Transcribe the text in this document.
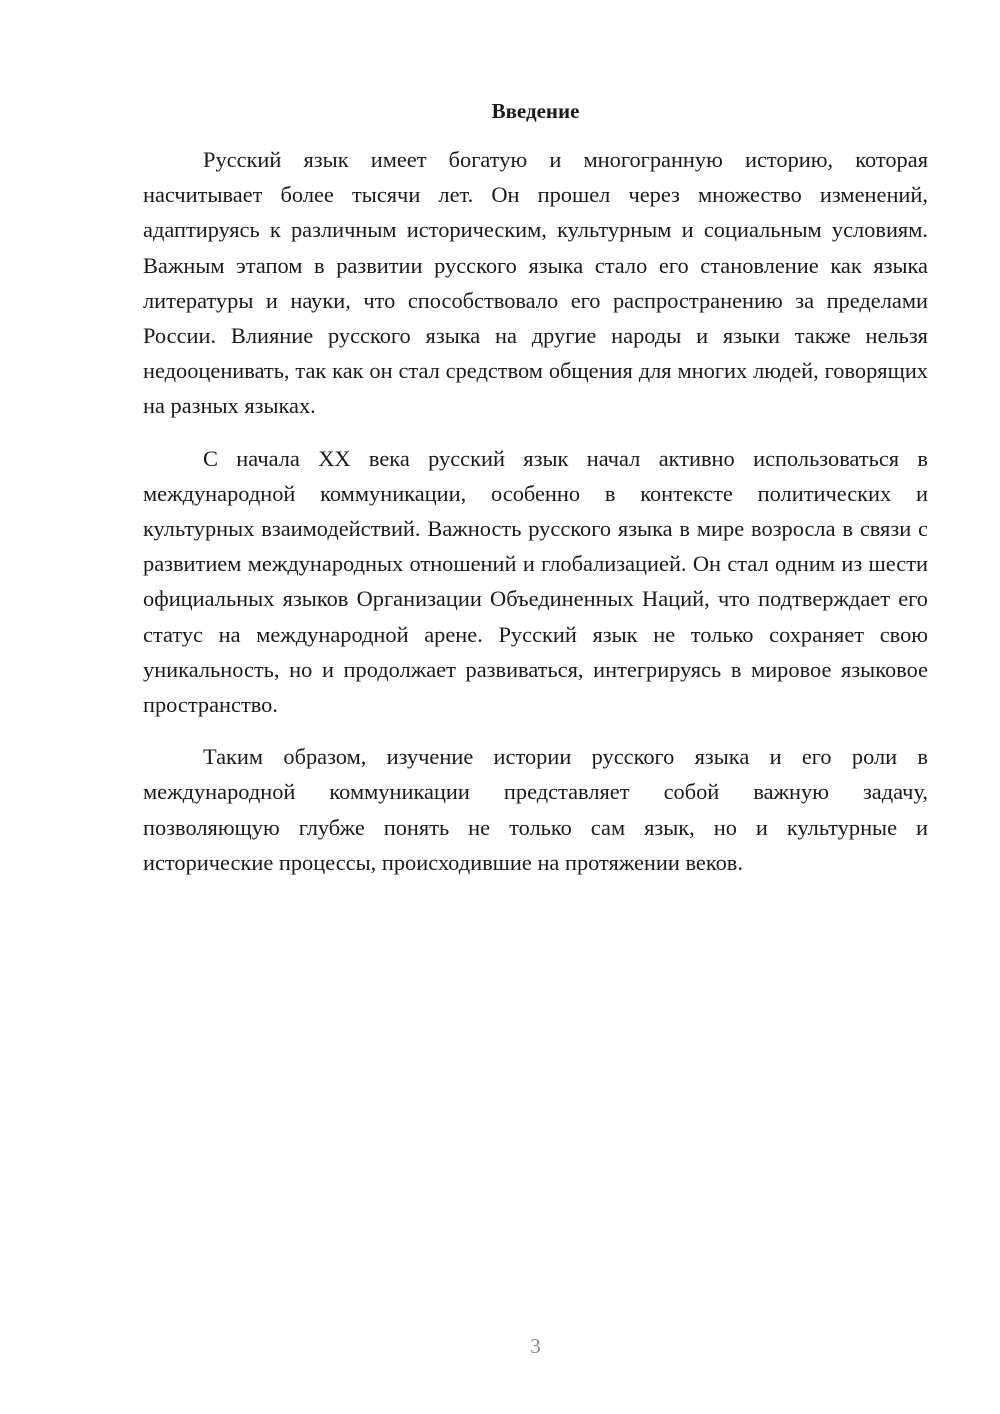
Введение

Русский язык имеет богатую и многогранную историю, которая насчитывает более тысячи лет. Он прошел через множество изменений, адаптируясь к различным историческим, культурным и социальным условиям. Важным этапом в развитии русского языка стало его становление как языка литературы и науки, что способствовало его распространению за пределами России. Влияние русского языка на другие народы и языки также нельзя недооценивать, так как он стал средством общения для многих людей, говорящих на разных языках.

С начала XX века русский язык начал активно использоваться в международной коммуникации, особенно в контексте политических и культурных взаимодействий. Важность русского языка в мире возросла в связи с развитием международных отношений и глобализацией. Он стал одним из шести официальных языков Организации Объединенных Наций, что подтверждает его статус на международной арене. Русский язык не только сохраняет свою уникальность, но и продолжает развиваться, интегрируясь в мировое языковое пространство.

Таким образом, изучение истории русского языка и его роли в международной коммуникации представляет собой важную задачу, позволяющую глубже понять не только сам язык, но и культурные и исторические процессы, происходившие на протяжении веков.

3
